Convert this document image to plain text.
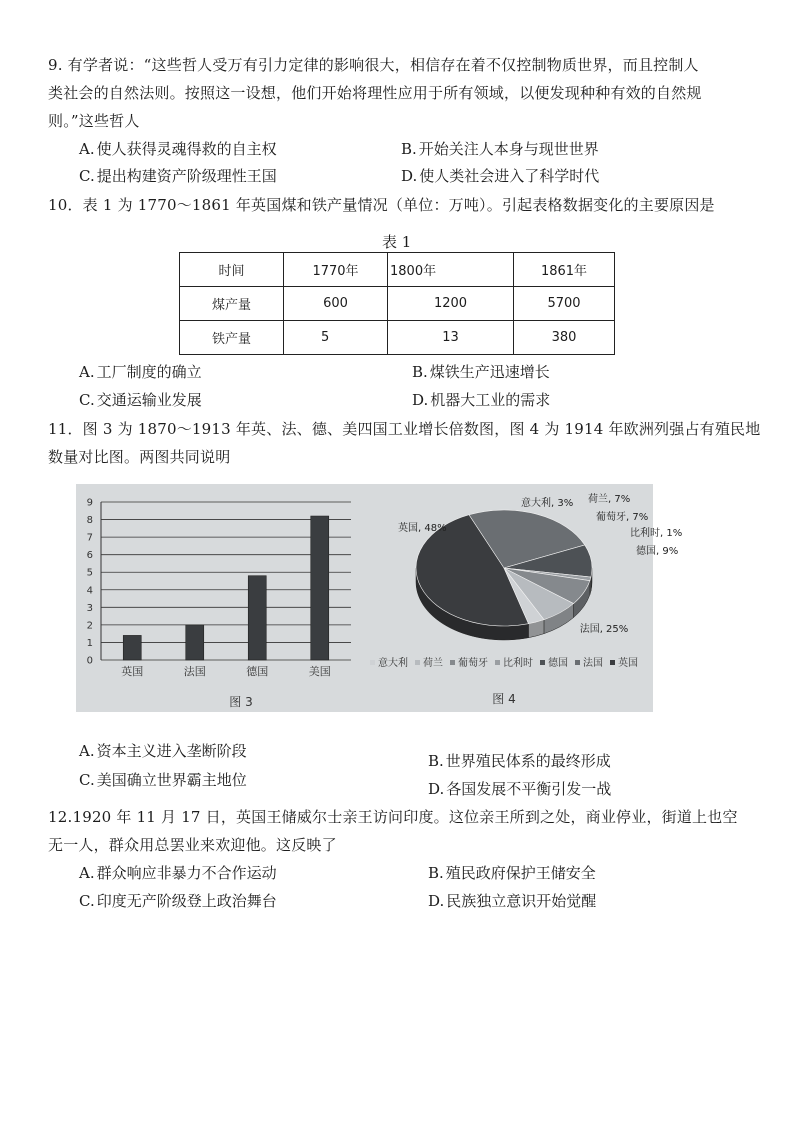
9. 有学者说：“这些哲人受万有引力定律的影响很大，相信存在着不仅控制物质世界，而且控制人
类社会的自然法则。按照这一设想，他们开始将理性应用于所有领域，以便发现种种有效的自然规
则。”这些哲人
A. 使人获得灵魂得救的自主权	B. 开始关注人本身与现世世界
C. 提出构建资产阶级理性王国	D. 使人类社会进入了科学时代
10．表 1 为 1770～1861 年英国煤和铁产量情况（单位：万吨）。引起表格数据变化的主要原因是
表 1
时间	1770年	1800年	1861年
煤产量	600	1200	5700
铁产量	5	13	380
A. 工厂制度的确立	B. 煤铁生产迅速增长
C. 交通运输业发展	D. 机器大工业的需求
11．图 3 为 1870～1913 年英、法、德、美四国工业增长倍数图，图 4 为 1914 年欧洲列强占有殖民地
数量对比图。两图共同说明
0
1
2
3
4
5
6
7
8
9
英国	法国	德国	美国
图 3
英国, 48%
法国, 25%
德国, 9%
比利时, 1%
葡萄牙, 7%
荷兰, 7%
意大利, 3%
意大利 荷兰 葡萄牙 比利时 德国 法国 英国
图 4
A. 资本主义进入垄断阶段
B. 世界殖民体系的最终形成
C. 美国确立世界霸主地位	D. 各国发展不平衡引发一战
12.1920 年 11 月 17 日，英国王储威尔士亲王访问印度。这位亲王所到之处，商业停业，街道上也空
无一人，群众用总罢业来欢迎他。这反映了
A. 群众响应非暴力不合作运动	B. 殖民政府保护王储安全
C. 印度无产阶级登上政治舞台	D. 民族独立意识开始觉醒
